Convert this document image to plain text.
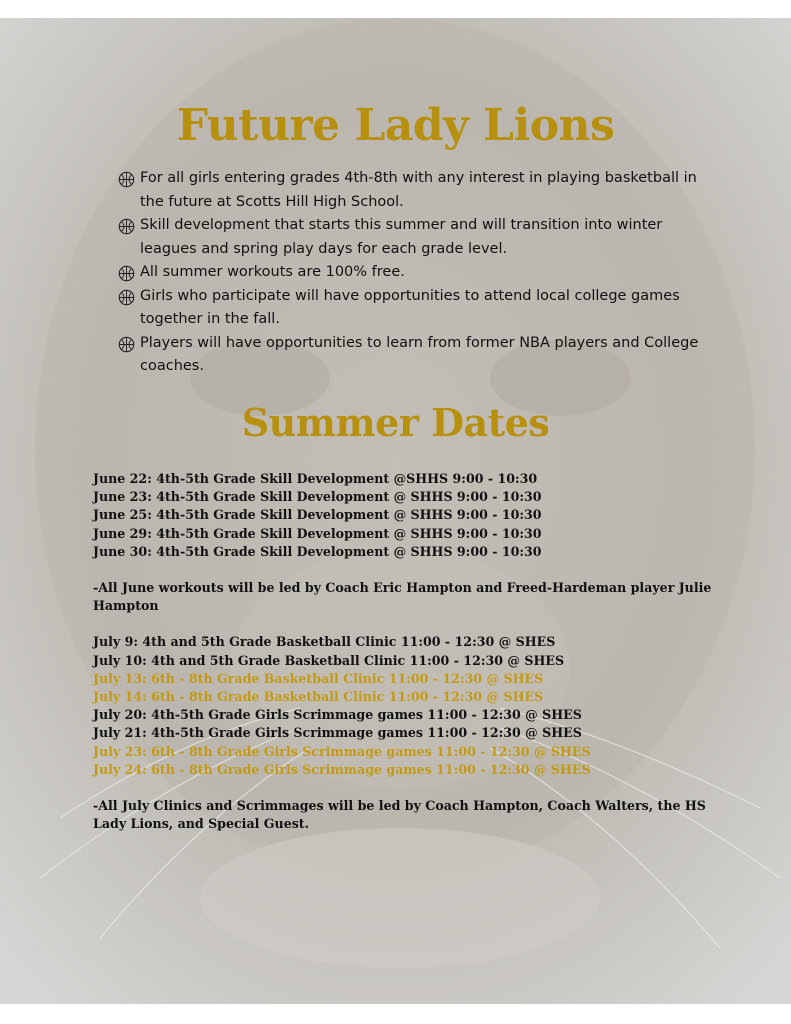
Future Lady Lions
For all girls entering grades 4th-8th with any interest in playing basketball in the future at Scotts Hill High School.
Skill development that starts this summer and will transition into winter leagues and spring play days for each grade level.
All summer workouts are 100% free.
Girls who participate will have opportunities to attend local college games together in the fall.
Players will have opportunities to learn from former NBA players and College coaches.
Summer Dates
June 22: 4th-5th Grade Skill Development @SHHS 9:00 - 10:30
June 23: 4th-5th Grade Skill Development @ SHHS 9:00 - 10:30
June 25: 4th-5th Grade Skill Development @ SHHS 9:00 - 10:30
June 29: 4th-5th Grade Skill Development @ SHHS 9:00 - 10:30
June 30: 4th-5th Grade Skill Development @ SHHS 9:00 - 10:30
-All June workouts will be led by Coach Eric Hampton and Freed-Hardeman player Julie Hampton
July 9: 4th and 5th Grade Basketball Clinic 11:00 - 12:30 @ SHES
July 10: 4th and 5th Grade Basketball Clinic 11:00 - 12:30 @ SHES
July 13: 6th - 8th Grade Basketball Clinic 11:00 - 12:30 @ SHES
July 14: 6th - 8th Grade Basketball Clinic 11:00 - 12:30 @ SHES
July 20: 4th-5th Grade Girls Scrimmage games 11:00 - 12:30 @ SHES
July 21: 4th-5th Grade Girls Scrimmage games 11:00 - 12:30 @ SHES
July 23: 6th - 8th Grade Girls Scrimmage games 11:00 - 12:30 @ SHES
July 24: 6th - 8th Grade Girls Scrimmage games 11:00 - 12:30 @ SHES
-All July Clinics and Scrimmages will be led by Coach Hampton, Coach Walters, the HS Lady Lions, and Special Guest.
